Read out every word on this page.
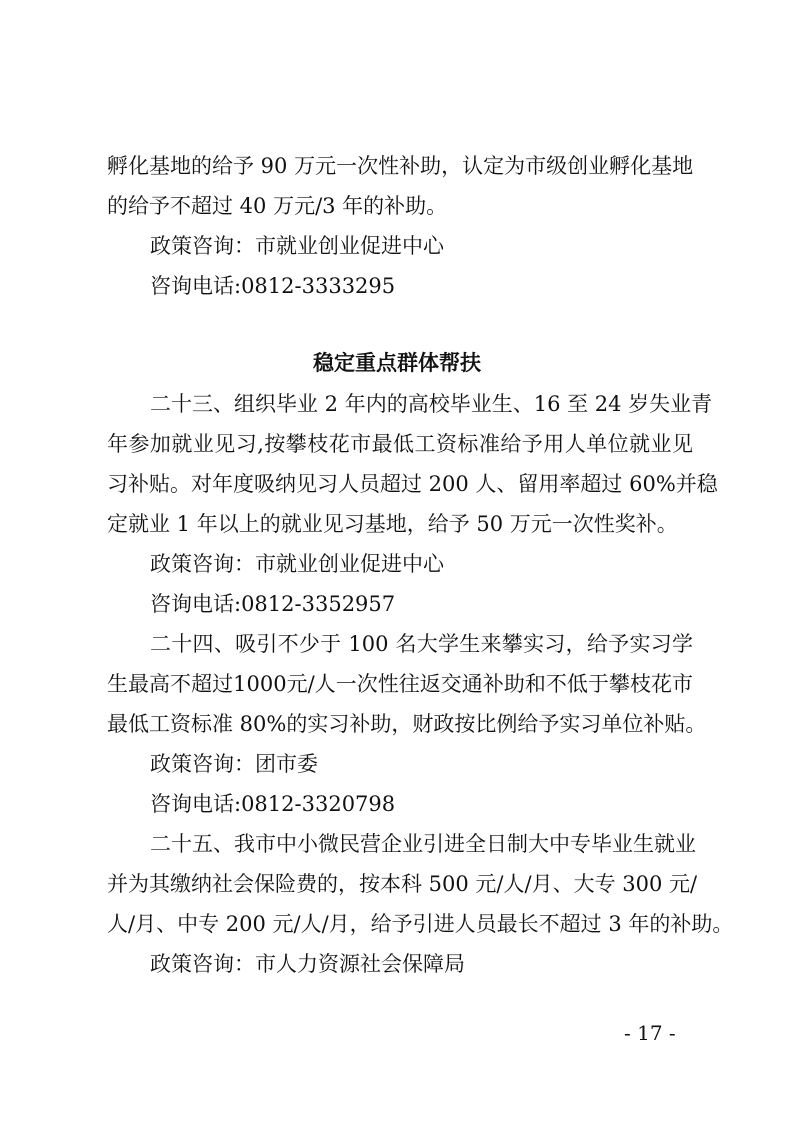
孵化基地的给予 90 万元一次性补助，认定为市级创业孵化基地
的给予不超过 40 万元/3 年的补助。
政策咨询：市就业创业促进中心
咨询电话:0812-3333295
稳定重点群体帮扶
二十三、组织毕业 2 年内的高校毕业生、16 至 24 岁失业青
年参加就业见习,按攀枝花市最低工资标准给予用人单位就业见
习补贴。对年度吸纳见习人员超过 200 人、留用率超过 60%并稳
定就业 1 年以上的就业见习基地，给予 50 万元一次性奖补。
政策咨询：市就业创业促进中心
咨询电话:0812-3352957
二十四、吸引不少于 100 名大学生来攀实习，给予实习学
生最高不超过1000元/人一次性往返交通补助和不低于攀枝花市
最低工资标准 80%的实习补助，财政按比例给予实习单位补贴。
政策咨询：团市委
咨询电话:0812-3320798
二十五、我市中小微民营企业引进全日制大中专毕业生就业
并为其缴纳社会保险费的，按本科 500 元/人/月、大专 300 元/
人/月、中专 200 元/人/月，给予引进人员最长不超过 3 年的补助。
政策咨询：市人力资源社会保障局
- 17 -
